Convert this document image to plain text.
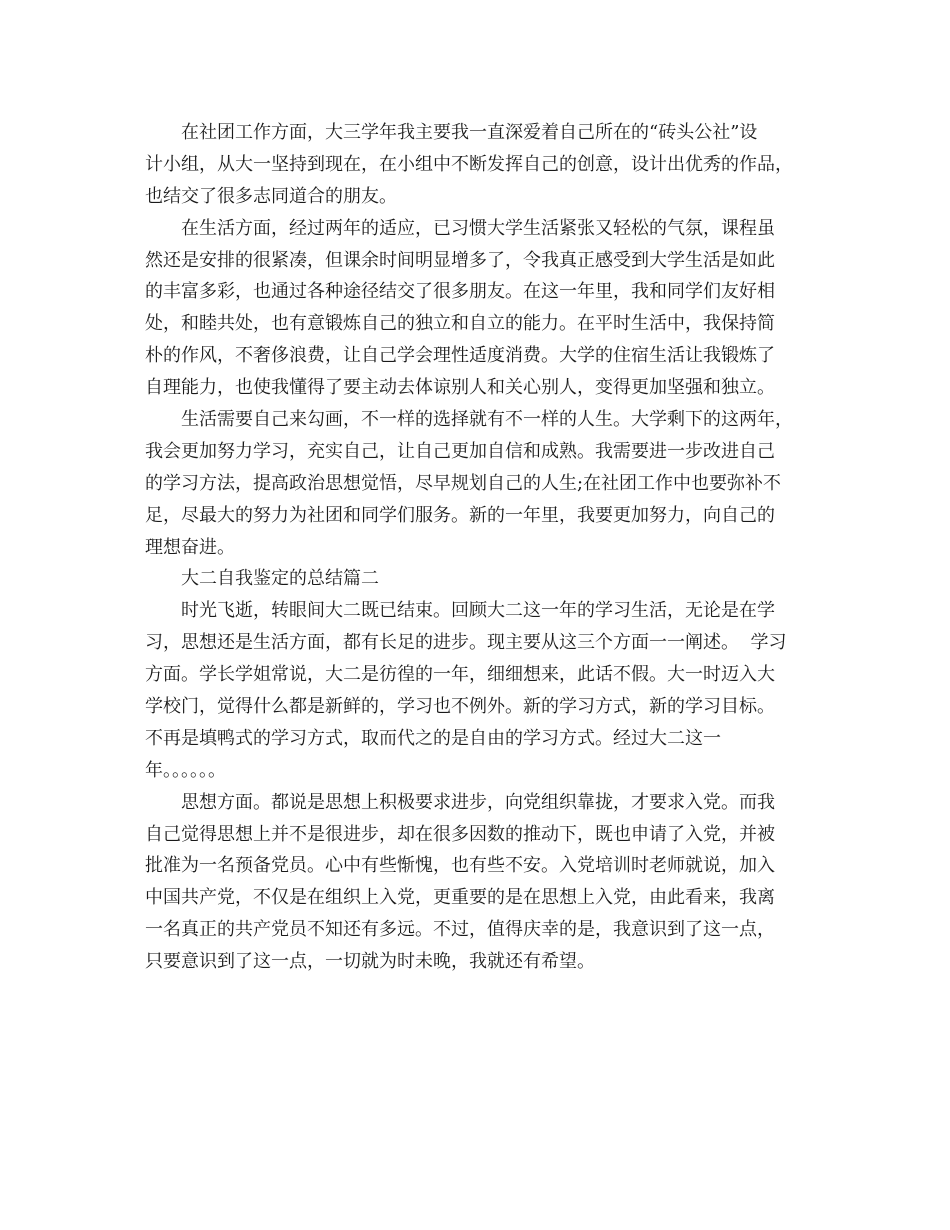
在社团工作方面，大三学年我主要我一直深爱着自己所在的“砖头公社”设
计小组，从大一坚持到现在，在小组中不断发挥自己的创意，设计出优秀的作品，
也结交了很多志同道合的朋友。
在生活方面，经过两年的适应，已习惯大学生活紧张又轻松的气氛，课程虽
然还是安排的很紧凑，但课余时间明显增多了，令我真正感受到大学生活是如此
的丰富多彩，也通过各种途径结交了很多朋友。在这一年里，我和同学们友好相
处，和睦共处，也有意锻炼自己的独立和自立的能力。在平时生活中，我保持简
朴的作风，不奢侈浪费，让自己学会理性适度消费。大学的住宿生活让我锻炼了
自理能力，也使我懂得了要主动去体谅别人和关心别人，变得更加坚强和独立。
生活需要自己来勾画，不一样的选择就有不一样的人生。大学剩下的这两年，
我会更加努力学习，充实自己，让自己更加自信和成熟。我需要进一步改进自己
的学习方法，提高政治思想觉悟，尽早规划自己的人生;在社团工作中也要弥补不
足，尽最大的努力为社团和同学们服务。新的一年里，我要更加努力，向自己的
理想奋进。
大二自我鉴定的总结篇二
时光飞逝，转眼间大二既已结束。回顾大二这一年的学习生活，无论是在学
习，思想还是生活方面，都有长足的进步。现主要从这三个方面一一阐述。  学习
方面。学长学姐常说，大二是彷徨的一年，细细想来，此话不假。大一时迈入大
学校门，觉得什么都是新鲜的，学习也不例外。新的学习方式，新的学习目标。
不再是填鸭式的学习方式，取而代之的是自由的学习方式。经过大二这一
年。。。。。。
思想方面。都说是思想上积极要求进步，向党组织靠拢，才要求入党。而我
自己觉得思想上并不是很进步，却在很多因数的推动下，既也申请了入党，并被
批准为一名预备党员。心中有些惭愧，也有些不安。入党培训时老师就说，加入
中国共产党，不仅是在组织上入党，更重要的是在思想上入党，由此看来，我离
一名真正的共产党员不知还有多远。不过，值得庆幸的是，我意识到了这一点，
只要意识到了这一点，一切就为时未晚，我就还有希望。
